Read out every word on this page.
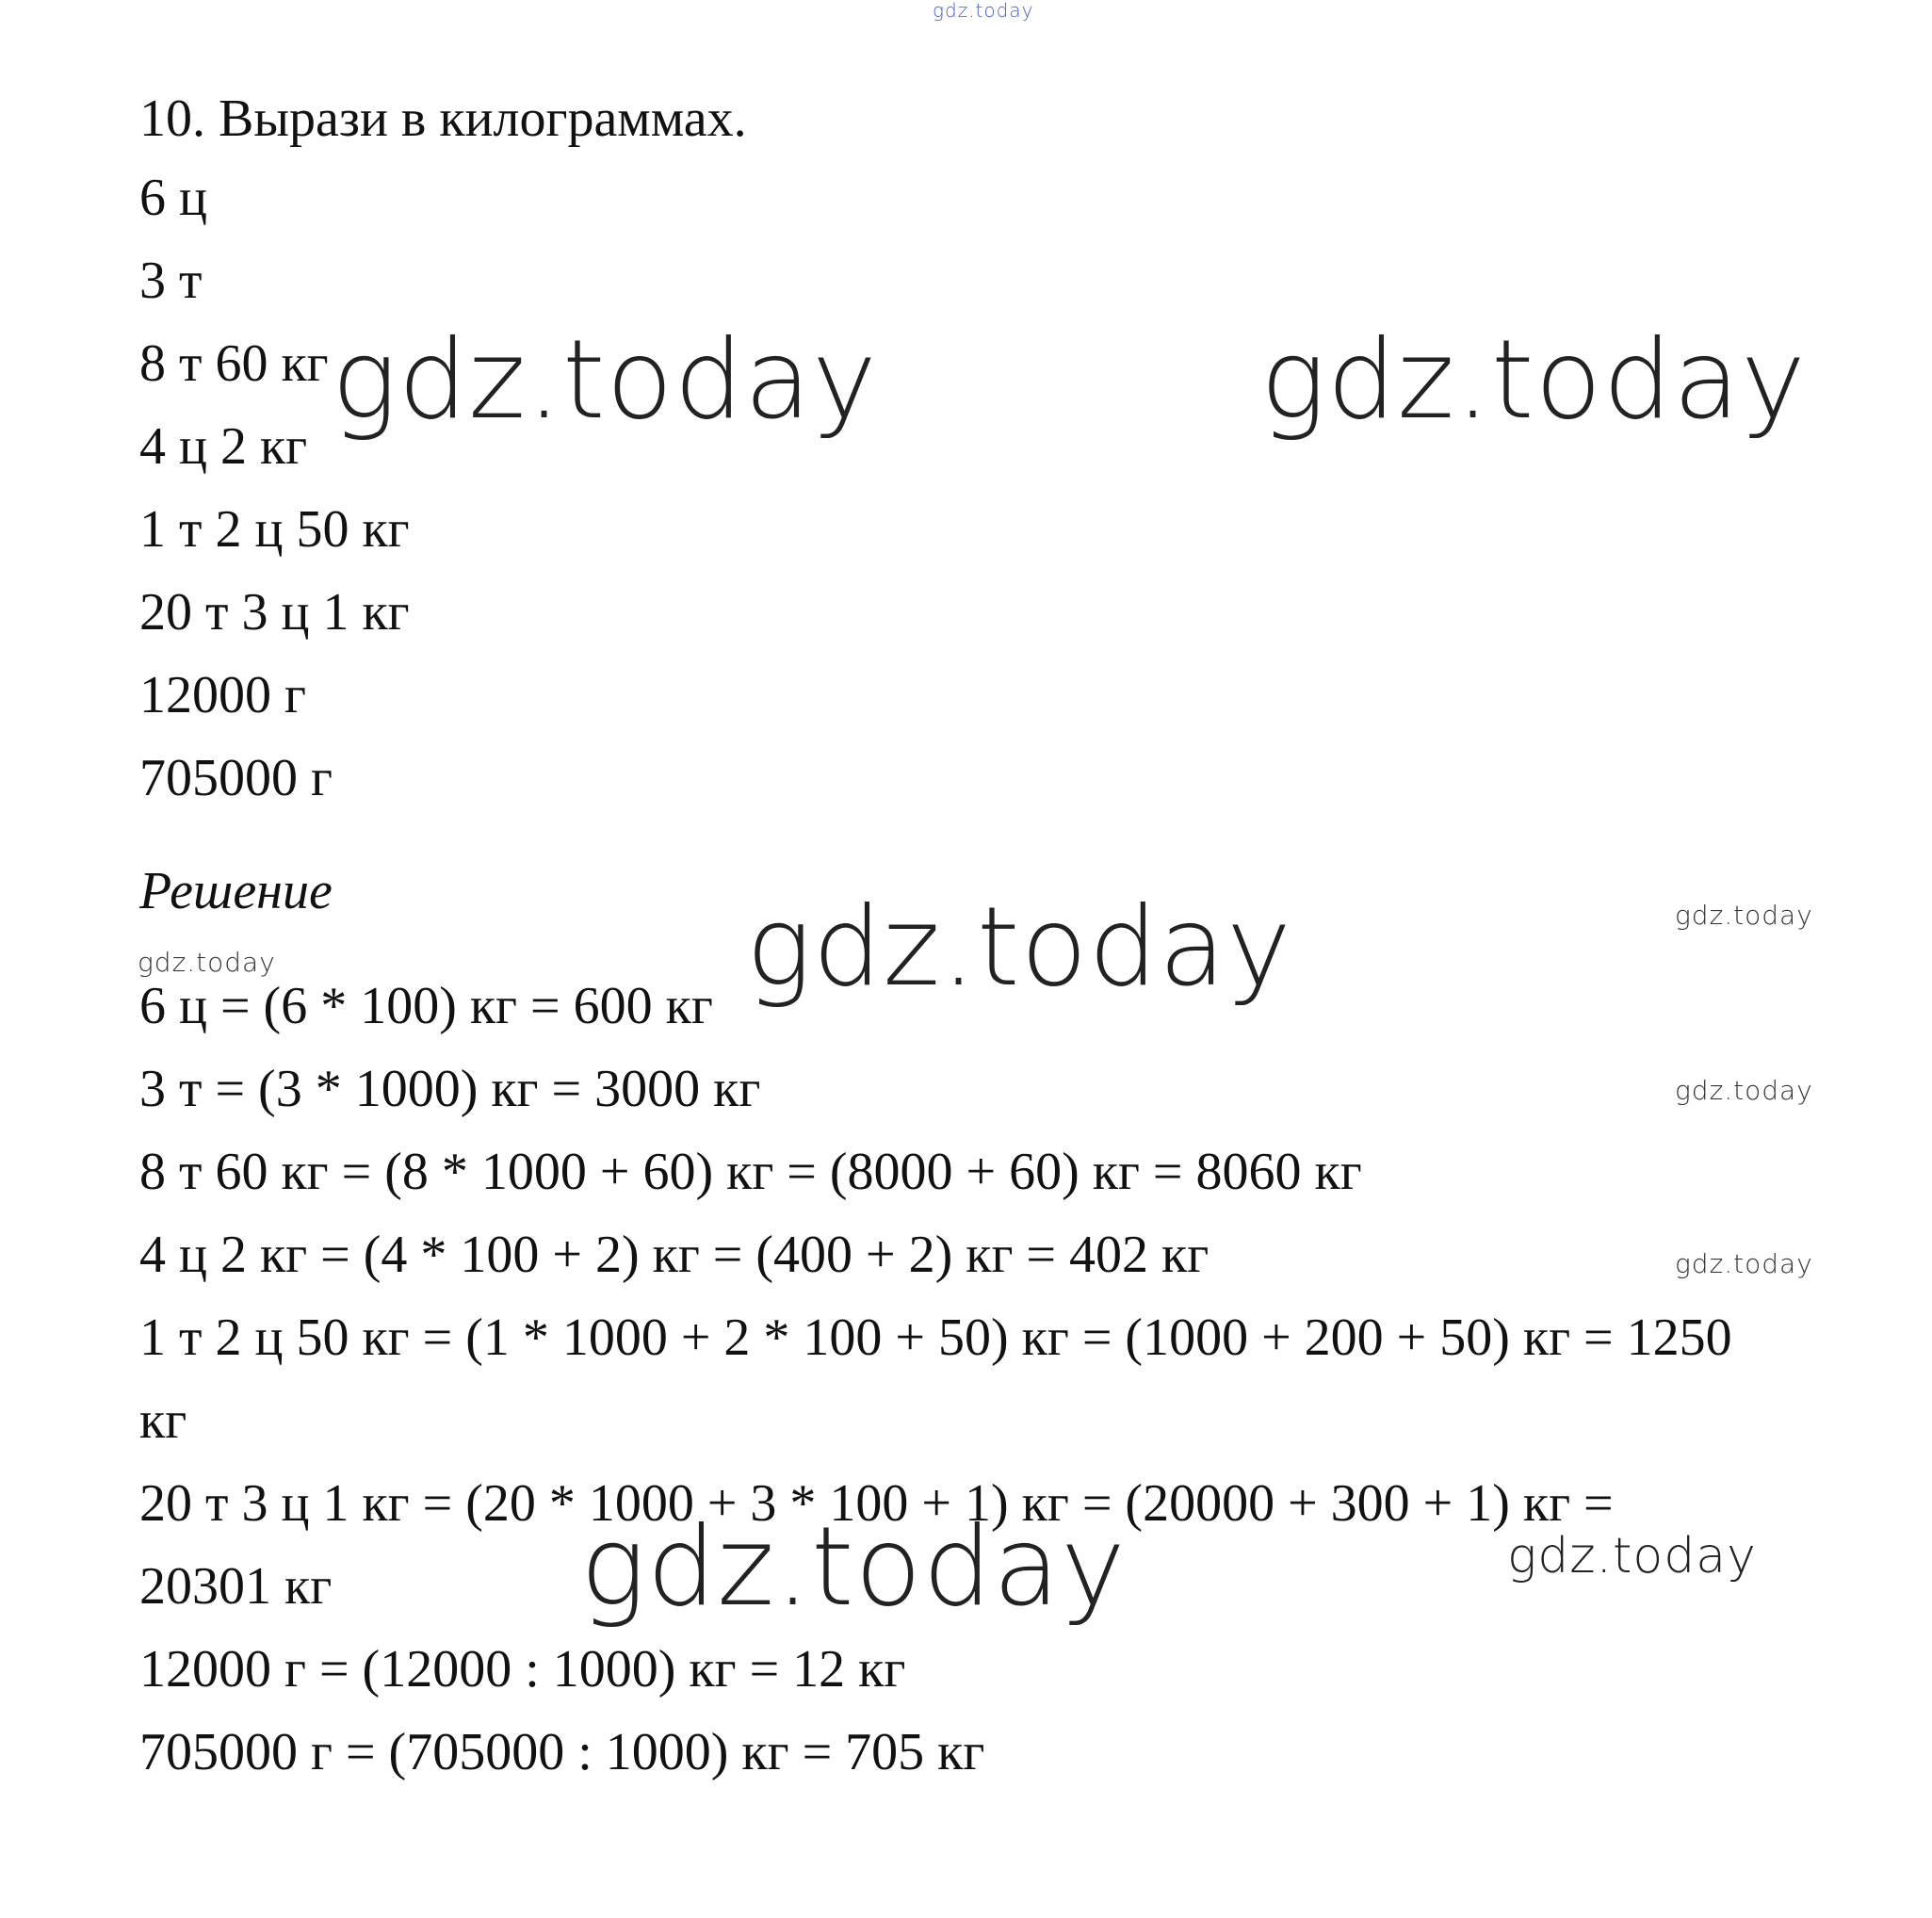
gdz.today
10. Вырази в килограммах.
6 ц
3 т
8 т 60 кг
4 ц 2 кг
1 т 2 ц 50 кг
20 т 3 ц 1 кг
12000 г
705000 г
Решение
6 ц = (6 * 100) кг = 600 кг
3 т = (3 * 1000) кг = 3000 кг
8 т 60 кг = (8 * 1000 + 60) кг = (8000 + 60) кг = 8060 кг
4 ц 2 кг = (4 * 100 + 2) кг = (400 + 2) кг = 402 кг
1 т 2 ц 50 кг = (1 * 1000 + 2 * 100 + 50) кг = (1000 + 200 + 50) кг = 1250
кг
20 т 3 ц 1 кг = (20 * 1000 + 3 * 100 + 1) кг = (20000 + 300 + 1) кг =
20301 кг
12000 г = (12000 : 1000) кг = 12 кг
705000 г = (705000 : 1000) кг = 705 кг
gdz.today	gdz.today
gdz.today
gdz.today	gdz.today
gdz.today
gdz.today
gdz.today
gdz.today
